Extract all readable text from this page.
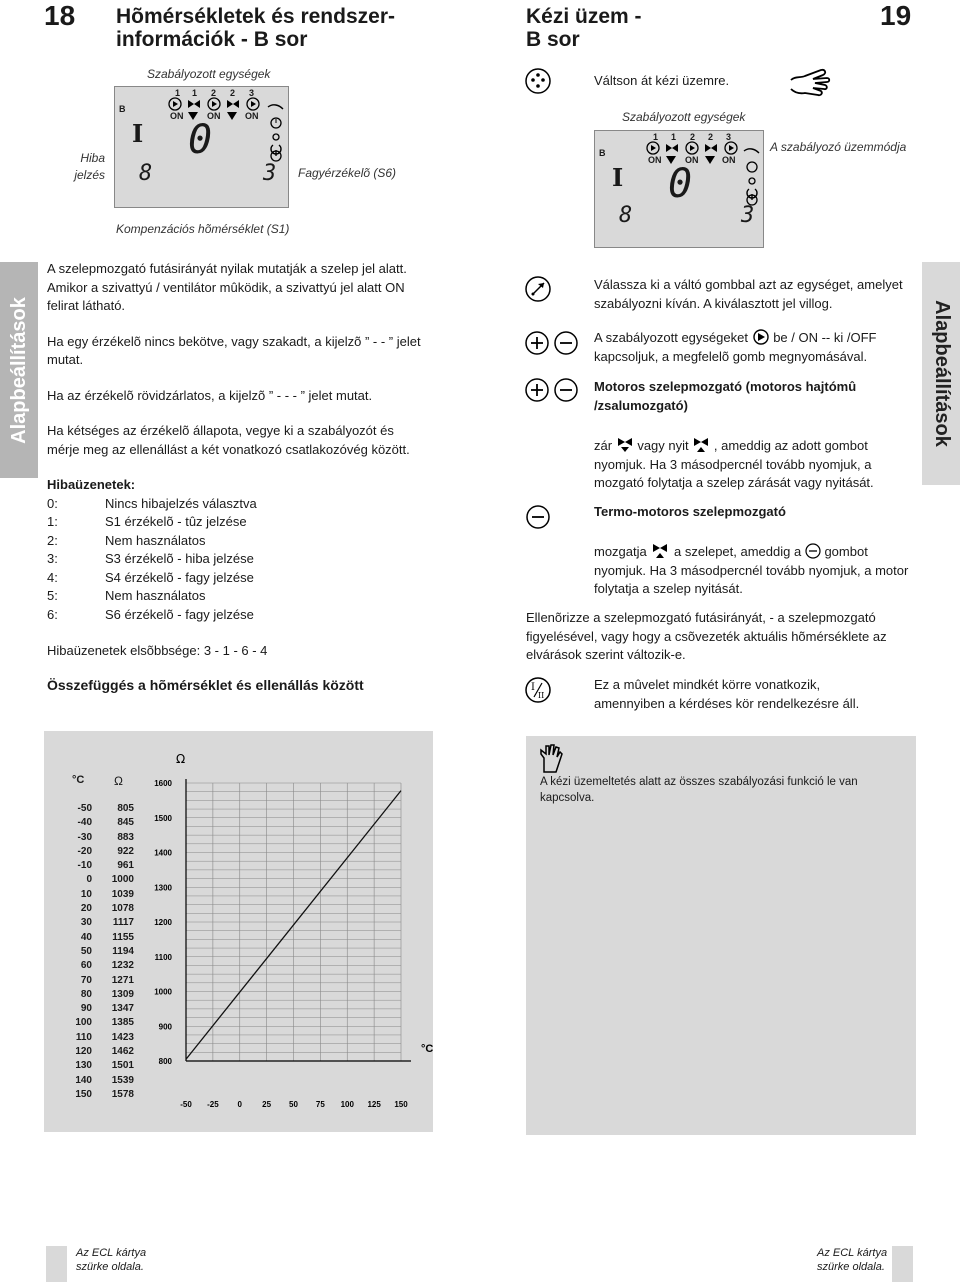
18 Hõmérsékletek és rendszer-
információk - B sor
Szabályozott egységek
B
1 1 2 2 3
ON	ON	ON
I 0
8	3
Hiba
jelzés	Fagyérzékelõ (S6)
Kompenzációs hõmérséklet (S1)
Alapbeállítások

A szelepmozgató futásirányát nyilak mutatják a szelep jel alatt. Amikor a szivattyú / ventilátor mûködik, a szivattyú jel alatt ON felirat látható.

Ha egy érzékelõ nincs bekötve, vagy szakadt, a kijelzõ ” - - ” jelet mutat.

Ha az érzékelõ rövidzárlatos, a kijelzõ ” - - - ” jelet mutat.

Ha kétséges az érzékelõ állapota, vegye ki a szabályozót és mérje meg az ellenállást a két vonatkozó csatlakozóvég között.

Hibaüzenetek:

0:	Nincs hibajelzés választva
1:	S1 érzékelõ - tûz jelzése
2:	Nem használatos
3:	S3 érzékelõ - hiba jelzése
4:	S4 érzékelõ - fagy jelzése
5:	Nem használatos
6:	S6 érzékelõ - fagy jelzése

Hibaüzenetek elsõbbsége: 3 - 1 - 6 - 4

Összefüggés a hõmérséklet és ellenállás között

°C Ω
-50	805
-40	845
-30	883
-20	922
-10	961
0	1000
10	1039
20	1078
30	1117
40	1155
50	1194
60	1232
70	1271
80	1309
90	1347
100	1385
110	1423
120	1462
130	1501
140	1539
150	1578
1600
1500
1400
1300
1200
1100
1000
900
800
-50 -25 0	25 50 75 100 125 150
Ω
°C
Az ECL kártya
szürke oldala.
Kézi üzem -
B sor
19
Váltson át kézi üzemre.
Szabályozott egységek
B
1 1 2 2 3
ON	ON	ON
I 0
8	3
A szabályozó üzemmódja
Alapbeállítások
Válassza ki a váltó gombbal azt az egységet, amelyet szabályozni kíván. A kiválasztott jel villog.
A szabályozott egységeket be / ON -- ki /OFF kapcsoljuk, a megfelelõ gomb megnyomásával.
Motoros szelepmozgató (motoros hajtómû /zsalumozgató)
zár vagy nyit , ameddig az adott gombot nyomjuk. Ha 3 másodpercnél tovább nyomjuk, a mozgató folytatja a szelep zárását vagy nyitását.
Termo-motoros szelepmozgató
mozgatja a szelepet, ameddig a gombot nyomjuk. Ha 3 másodpercnél tovább nyomjuk, a motor folytatja a szelep nyitását.
Ellenõrizze a szelepmozgató futásirányát, - a szelepmozgató figyelésével, vagy hogy a csõvezeték aktuális hõmérséklete az elvárások szerint változik-e.
I
II
Ez a mûvelet mindkét körre vonatkozik, amennyiben a kérdéses kör rendelkezésre áll.
A kézi üzemeltetés alatt az összes szabályozási funkció le van kapcsolva.
Az ECL kártya
szürke oldala.
